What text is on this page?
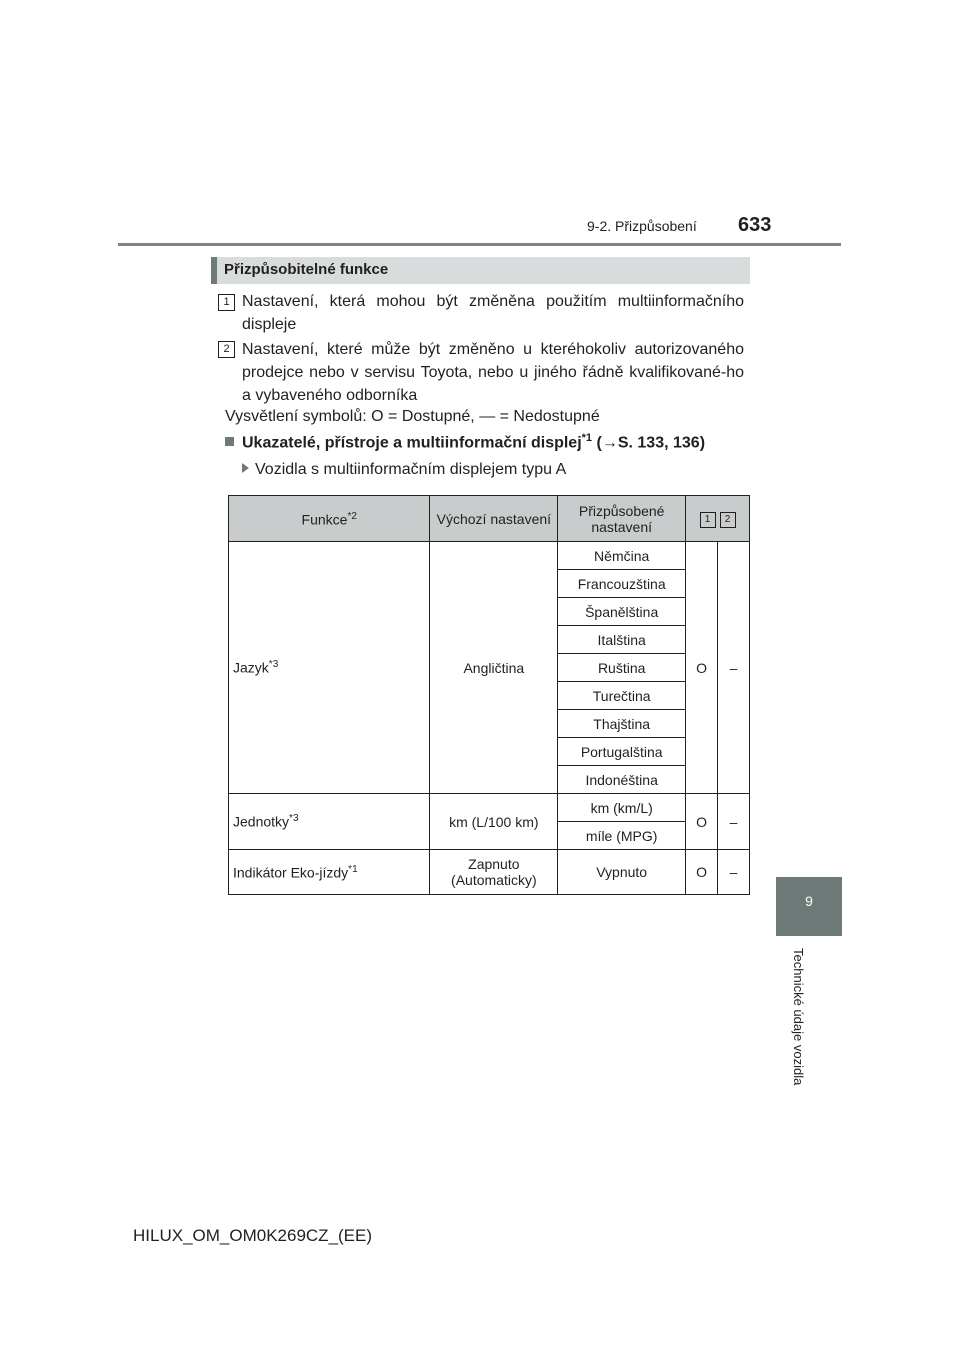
9-2. Přizpůsobení 633
9
Technické údaje vozidla
Přizpůsobitelné funkce
1 Nastavení, která mohou být změněna použitím multiinformačního displeje
2 Nastavení, které může být změněno u kteréhokoliv autorizovaného prodejce nebo v servisu Toyota, nebo u jiného řádně kvalifikované-ho a vybaveného odborníka
Vysvětlení symbolů: O = Dostupné, — = Nedostupné
Ukazatelé, přístroje a multiinformační displej$^{*1}$ (→S. 133, 136)
Vozidla s multiinformačním displejem typu A
Funkce$^{*2}$	Výchozí nastavení	Přizpůsobené nastavení	1 2	
Jazyk$^{*3}$	Angličtina	Němčina	O	–
		Francouzština		
		Španělština		
		Italština		
		Ruština		
		Turečtina		
		Thajština		
		Portugalština		
		Indonéština		
Jednotky$^{*3}$	km (L/100 km)	km (km/L)	O	–
		míle (MPG)		
Indikátor Eko-jízdy$^{*1}$	Zapnuto (Automaticky)	Vypnuto	O	–
HILUX_OM_OM0K269CZ_(EE)
